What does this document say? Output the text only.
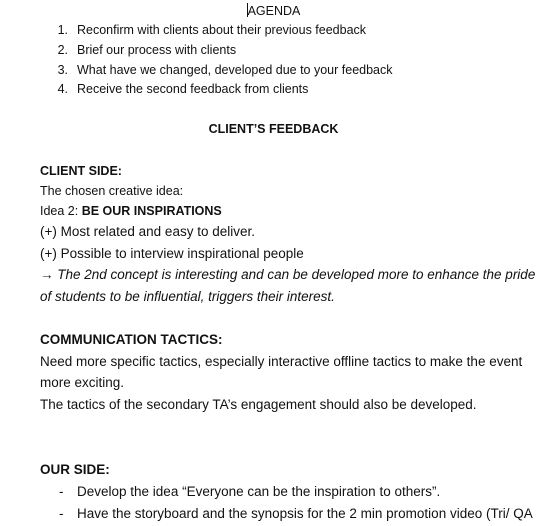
AGENDA
1. Reconfirm with clients about their previous feedback
2. Brief our process with clients
3. What have we changed, developed due to your feedback
4. Receive the second feedback from clients
CLIENT’S FEEDBACK
CLIENT SIDE:
The chosen creative idea:
Idea 2: BE OUR INSPIRATIONS
(+) Most related and easy to deliver.
(+) Possible to interview inspirational people
→ The 2nd concept is interesting and can be developed more to enhance the pride
of students to be influential, triggers their interest.
COMMUNICATION TACTICS:
Need more specific tactics, especially interactive offline tactics to make the event
more exciting.
The tactics of the secondary TA’s engagement should also be developed.
OUR SIDE:
- Develop the idea “Everyone can be the inspiration to others”.
- Have the storyboard and the synopsis for the 2 min promotion video (Tri/ QA
